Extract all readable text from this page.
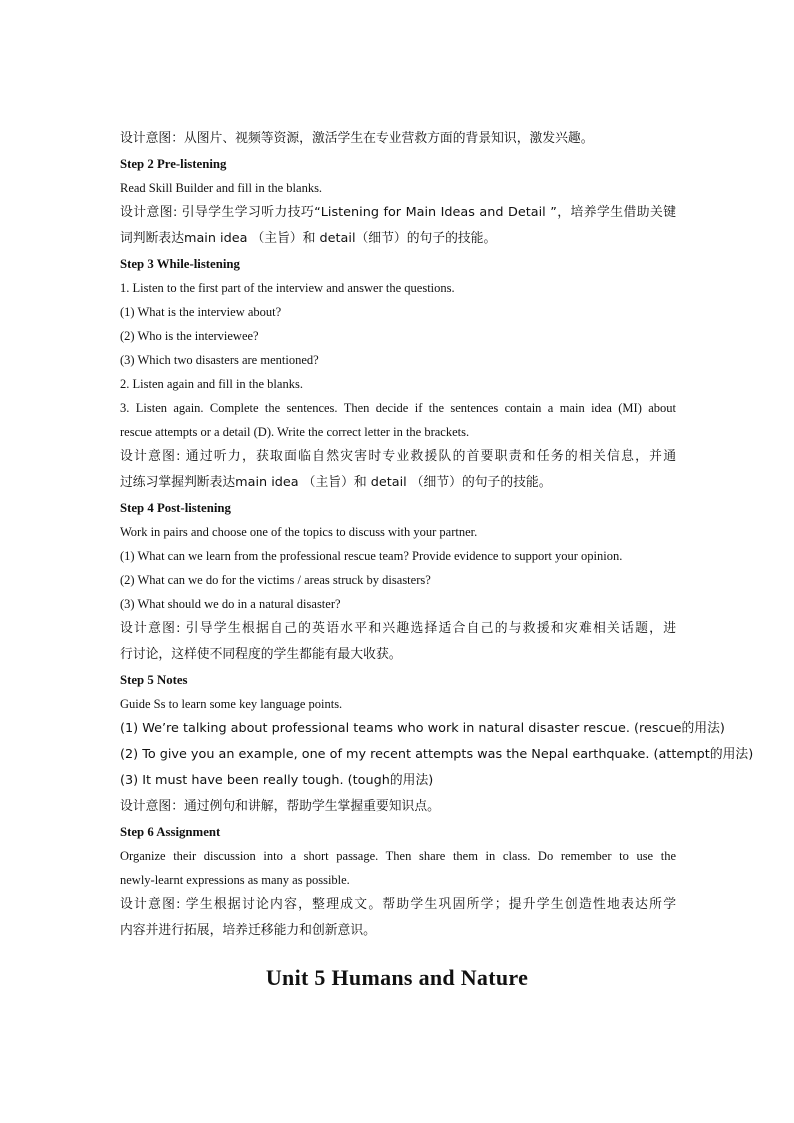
设计意图：从图片、视频等资源，激活学生在专业营救方面的背景知识，激发兴趣。
Step 2 Pre-listening
Read Skill Builder and fill in the blanks.
设计意图: 引导学生学习听力技巧“Listening for Main Ideas and Detail ”，培养学生借助关键
词判断表达main idea （主旨）和 detail（细节）的句子的技能。
Step 3 While-listening
1. Listen to the first part of the interview and answer the questions.
(1) What is the interview about?
(2) Who is the interviewee?
(3) Which two disasters are mentioned?
2. Listen again and fill in the blanks.
3. Listen again. Complete the sentences. Then decide if the sentences contain a main idea (MI) about
rescue attempts or a detail (D). Write the correct letter in the brackets.
设计意图: 通过听力，获取面临自然灾害时专业救援队的首要职责和任务的相关信息，并通
过练习掌握判断表达main idea （主旨）和 detail （细节）的句子的技能。
Step 4 Post-listening
Work in pairs and choose one of the topics to discuss with your partner.
(1) What can we learn from the professional rescue team? Provide evidence to support your opinion.
(2) What can we do for the victims / areas struck by disasters?
(3) What should we do in a natural disaster?
设计意图: 引导学生根据自己的英语水平和兴趣选择适合自己的与救援和灾难相关话题，进
行讨论，这样使不同程度的学生都能有最大收获。
Step 5 Notes
Guide Ss to learn some key language points.
(1) We’re talking about professional teams who work in natural disaster rescue. (rescue的用法)
(2) To give you an example, one of my recent attempts was the Nepal earthquake. (attempt的用法)
(3) It must have been really tough. (tough的用法)
设计意图：通过例句和讲解，帮助学生掌握重要知识点。
Step 6 Assignment
Organize their discussion into a short passage. Then share them in class. Do remember to use the
newly-learnt expressions as many as possible.
设计意图: 学生根据讨论内容，整理成文。帮助学生巩固所学；提升学生创造性地表达所学
内容并进行拓展，培养迁移能力和创新意识。
Unit 5 Humans and Nature
